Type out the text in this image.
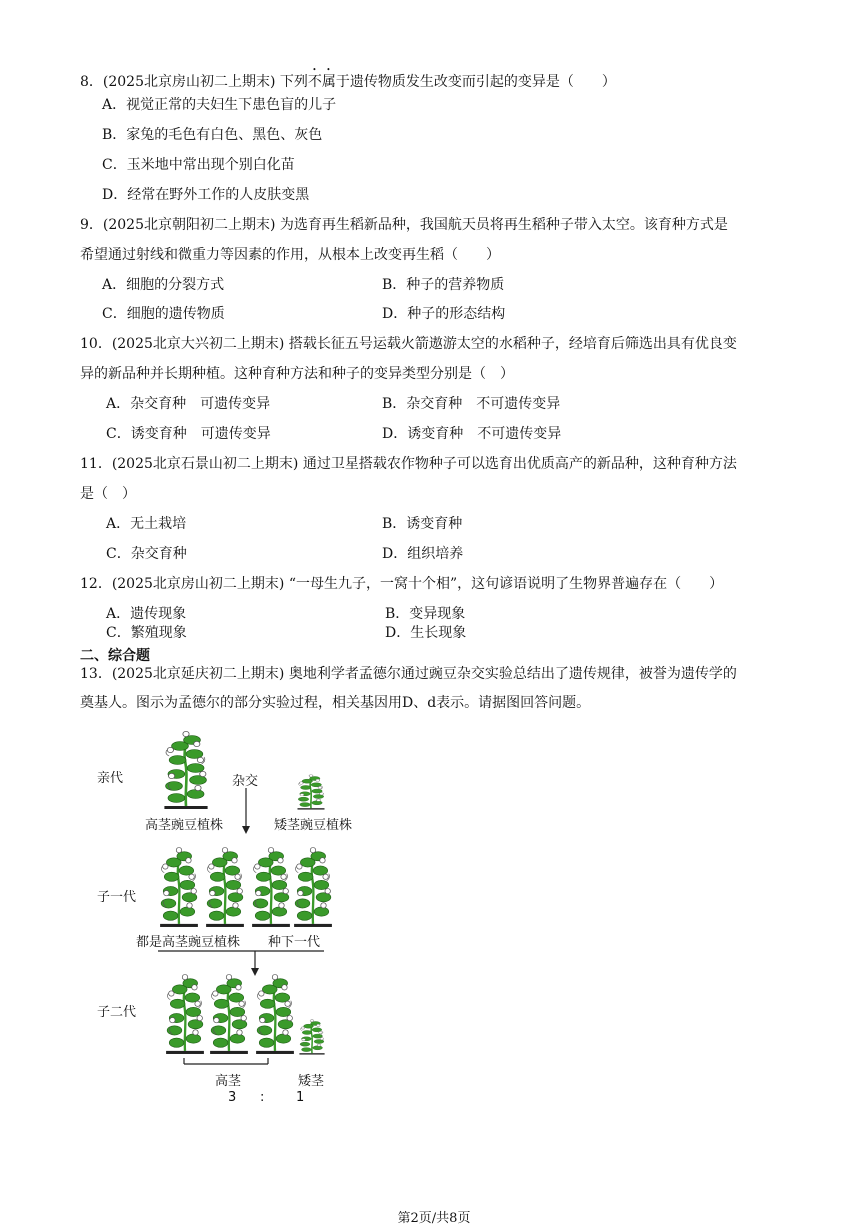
8．(2025北京房山初二上期末) 下列不属于遗传物质发生改变而引起的变异是（　　）
A．视觉正常的夫妇生下患色盲的儿子
B．家兔的毛色有白色、黑色、灰色
C．玉米地中常出现个别白化苗
D．经常在野外工作的人皮肤变黑
9．(2025北京朝阳初二上期末) 为选育再生稻新品种，我国航天员将再生稻种子带入太空。该育种方式是
希望通过射线和微重力等因素的作用，从根本上改变再生稻（　　）
A．细胞的分裂方式	B．种子的营养物质
C．细胞的遗传物质	D．种子的形态结构
10．(2025北京大兴初二上期末) 搭载长征五号运载火箭遨游太空的水稻种子，经培育后筛选出具有优良变
异的新品种并长期种植。这种育种方法和种子的变异类型分别是（　）
A．杂交育种　可遗传变异	B．杂交育种　不可遗传变异
C．诱变育种　可遗传变异	D．诱变育种　不可遗传变异
11．(2025北京石景山初二上期末) 通过卫星搭载农作物种子可以选育出优质高产的新品种，这种育种方法
是（　）
A．无土栽培	B．诱变育种
C．杂交育种	D．组织培养
12．(2025北京房山初二上期末) “一母生九子，一窝十个相”，这句谚语说明了生物界普遍存在（　　）
A．遗传现象	B．变异现象
C．繁殖现象	D．生长现象
二、综合题
13．(2025北京延庆初二上期末) 奥地利学者孟德尔通过豌豆杂交实验总结出了遗传规律，被誉为遗传学的
奠基人。图示为孟德尔的部分实验过程，相关基因用D、d表示。请据图回答问题。
亲代	杂交
高茎豌豆植株	矮茎豌豆植株
子一代
都是高茎豌豆植株 种下一代
子二代
高茎	矮茎
3 : 1
第2页/共8页
